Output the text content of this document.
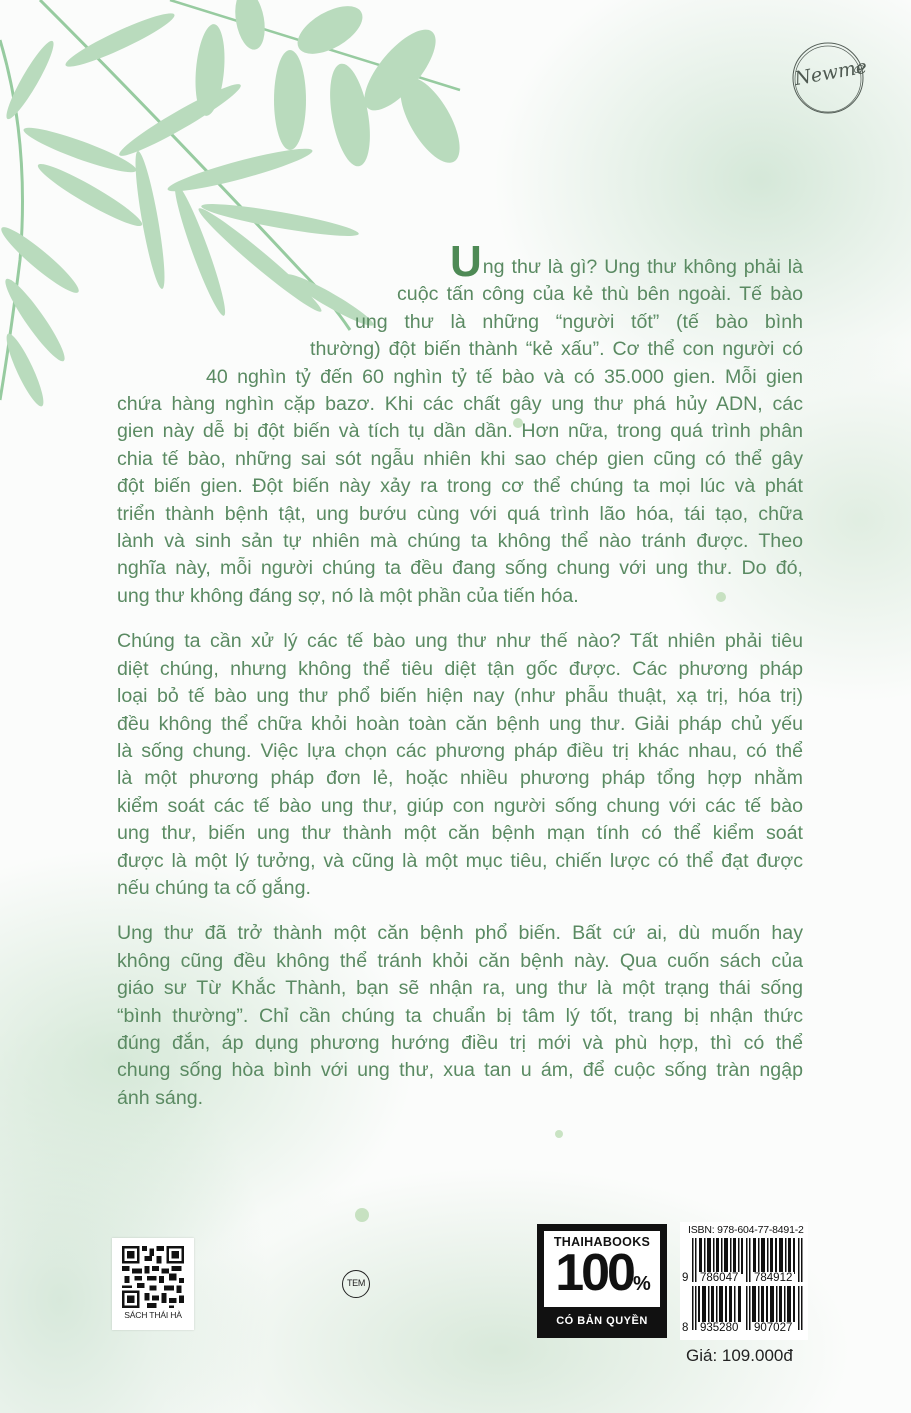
Newme

Ung thư là gì? Ung thư không phải là
cuộc tấn công của kẻ thù bên ngoài. Tế bào
ung thư là những “người tốt” (tế bào bình
thường) đột biến thành “kẻ xấu”. Cơ thể con người có
40 nghìn tỷ đến 60 nghìn tỷ tế bào và có 35.000 gien. Mỗi gien
chứa hàng nghìn cặp bazơ. Khi các chất gây ung thư phá hủy ADN, các
gien này dễ bị đột biến và tích tụ dần dần. Hơn nữa, trong quá trình phân
chia tế bào, những sai sót ngẫu nhiên khi sao chép gien cũng có thể gây
đột biến gien. Đột biến này xảy ra trong cơ thể chúng ta mọi lúc và phát
triển thành bệnh tật, ung bướu cùng với quá trình lão hóa, tái tạo, chữa
lành và sinh sản tự nhiên mà chúng ta không thể nào tránh được. Theo
nghĩa này, mỗi người chúng ta đều đang sống chung với ung thư. Do đó,
ung thư không đáng sợ, nó là một phần của tiến hóa.

Chúng ta cần xử lý các tế bào ung thư như thế nào? Tất nhiên phải tiêu
diệt chúng, nhưng không thể tiêu diệt tận gốc được. Các phương pháp
loại bỏ tế bào ung thư phổ biến hiện nay (như phẫu thuật, xạ trị, hóa trị)
đều không thể chữa khỏi hoàn toàn căn bệnh ung thư. Giải pháp chủ yếu
là sống chung. Việc lựa chọn các phương pháp điều trị khác nhau, có thể
là một phương pháp đơn lẻ, hoặc nhiều phương pháp tổng hợp nhằm
kiểm soát các tế bào ung thư, giúp con người sống chung với các tế bào
ung thư, biến ung thư thành một căn bệnh mạn tính có thể kiểm soát
được là một lý tưởng, và cũng là một mục tiêu, chiến lược có thể đạt được
nếu chúng ta cố gắng.

Ung thư đã trở thành một căn bệnh phổ biến. Bất cứ ai, dù muốn hay
không cũng đều không thể tránh khỏi căn bệnh này. Qua cuốn sách của
giáo sư Từ Khắc Thành, bạn sẽ nhận ra, ung thư là một trạng thái sống
“bình thường”. Chỉ cần chúng ta chuẩn bị tâm lý tốt, trang bị nhận thức
đúng đắn, áp dụng phương hướng điều trị mới và phù hợp, thì có thể
chung sống hòa bình với ung thư, xua tan u ám, để cuộc sống tràn ngập
ánh sáng.

SÁCH THÁI HÀ
TEM
THAIHABOOKS
100%
CÓ BẢN QUYỀN
ISBN: 978-604-77-8491-2
9 786047 784912
8 935280 907027
Giá: 109.000đ
